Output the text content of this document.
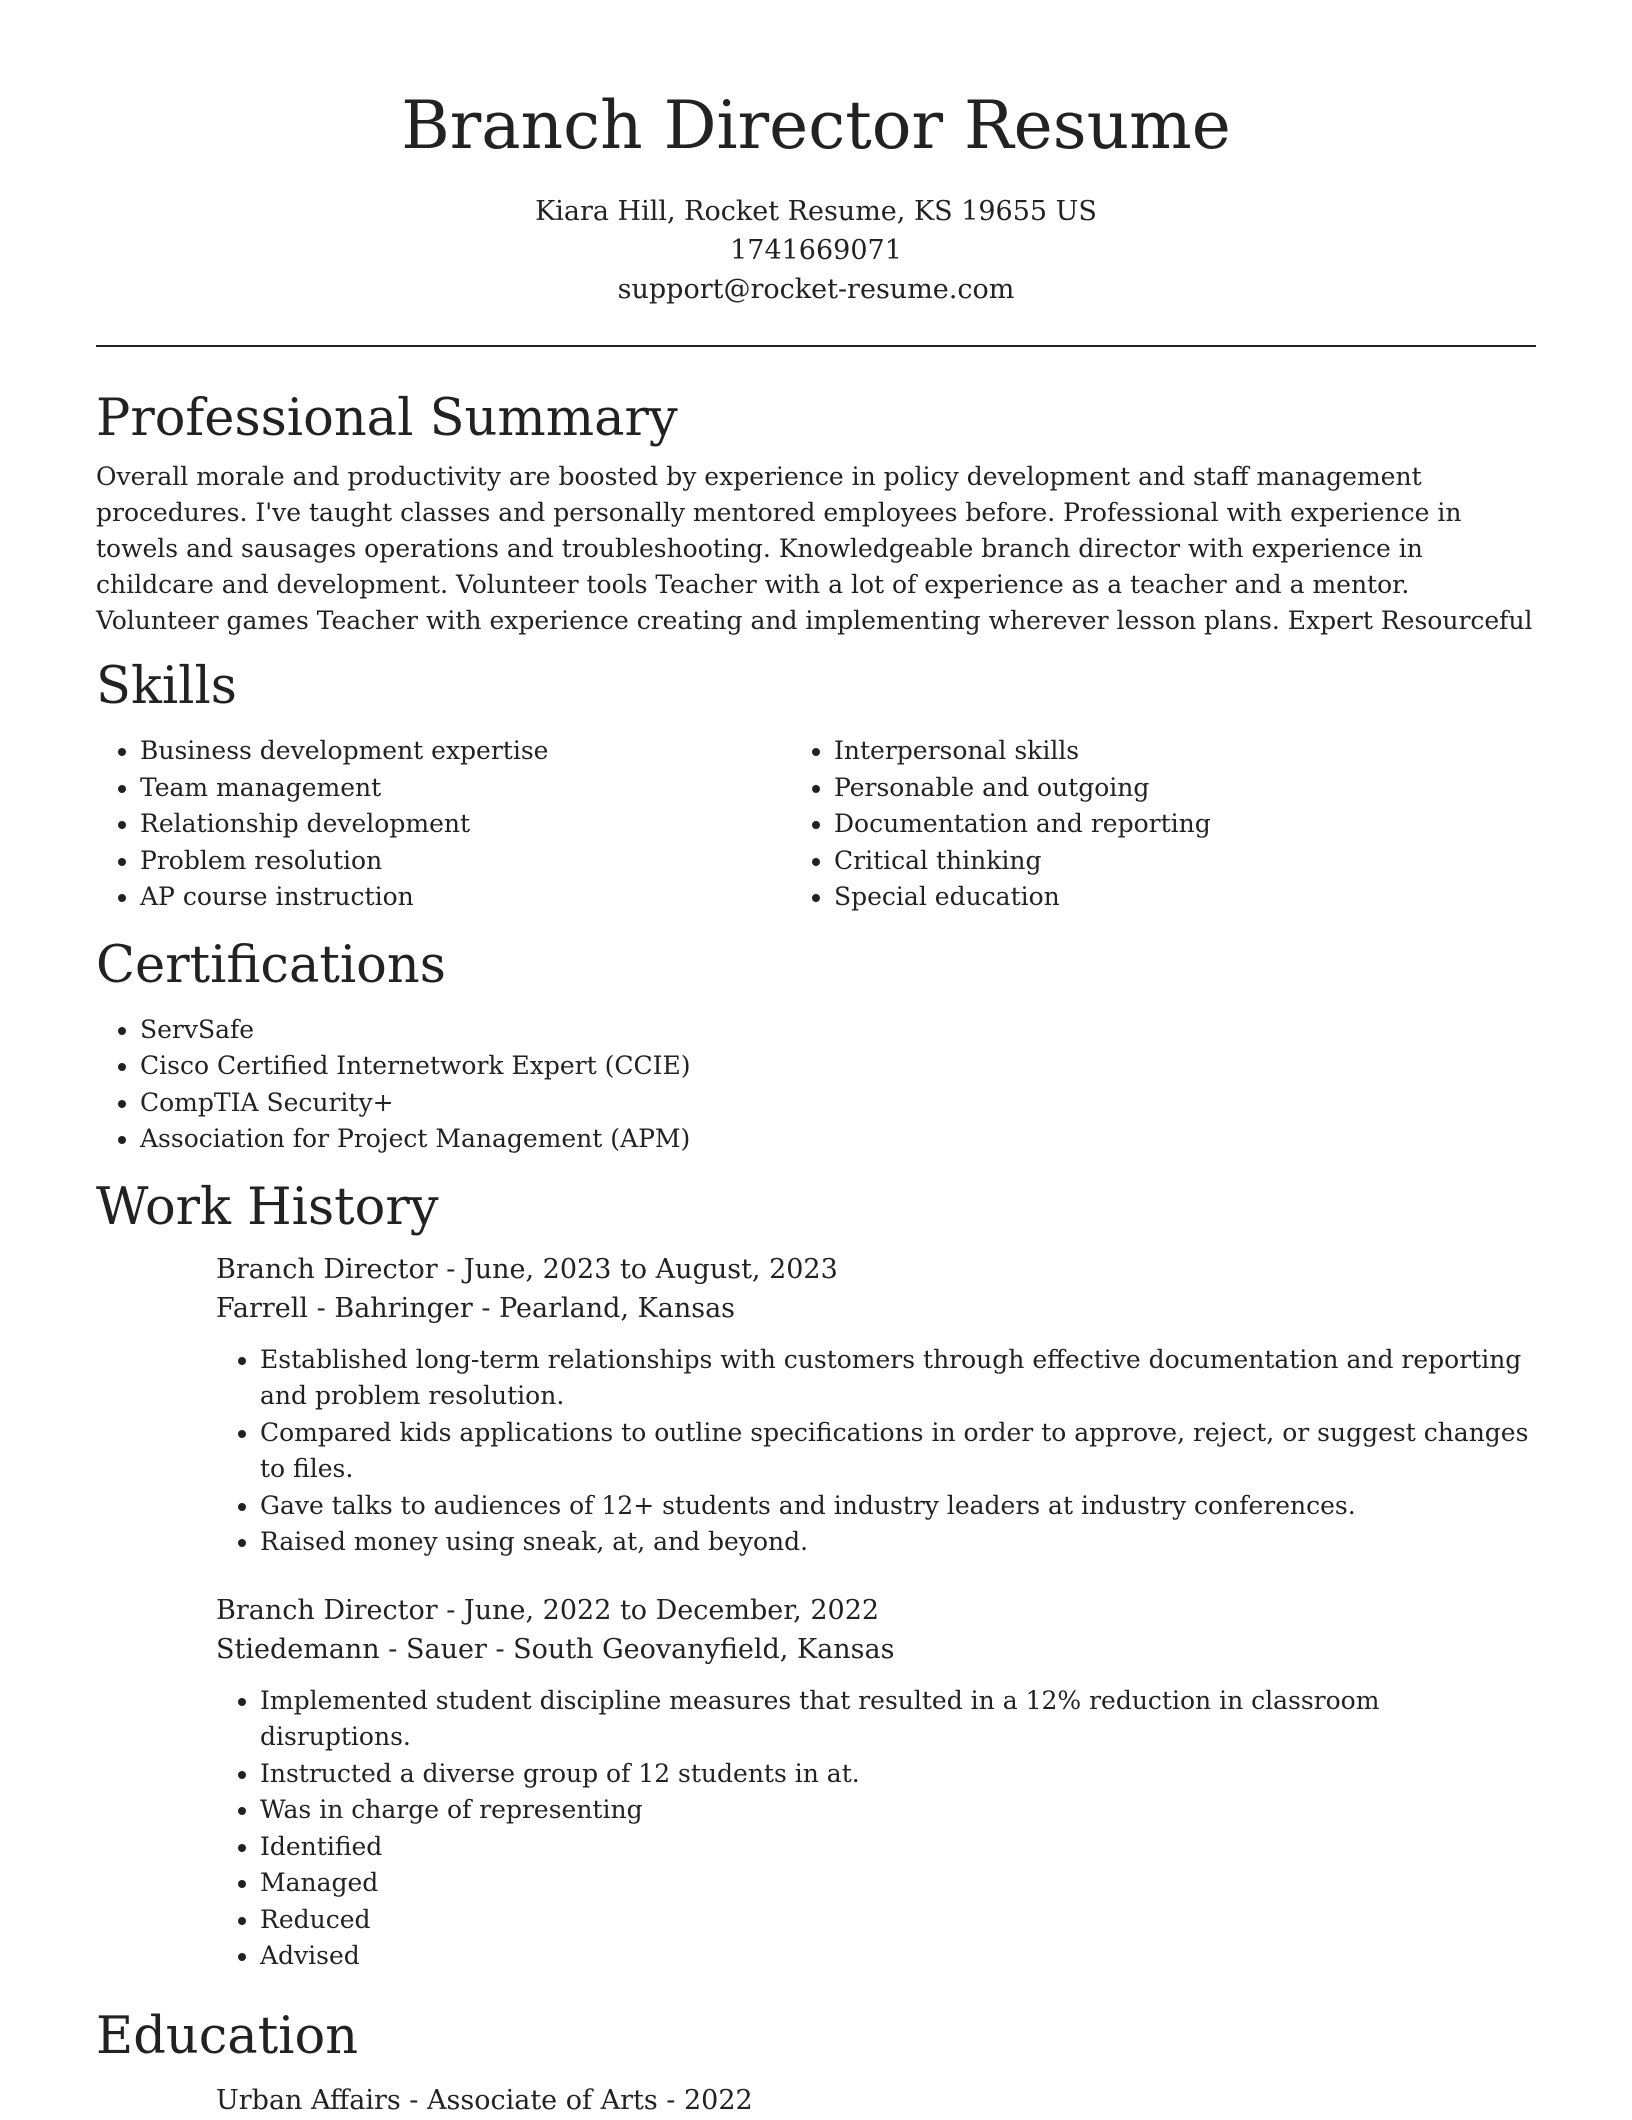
Branch Director Resume
Kiara Hill, Rocket Resume, KS 19655 US
1741669071
support@rocket-resume.com
Professional Summary

Overall morale and productivity are boosted by experience in policy development and staff management procedures. I've taught classes and personally mentored employees before. Professional with experience in towels and sausages operations and troubleshooting. Knowledgeable branch director with experience in childcare and development. Volunteer tools Teacher with a lot of experience as a teacher and a mentor. Volunteer games Teacher with experience creating and implementing wherever lesson plans. Expert Resourceful

Skills
• Business development expertise
• Team management
• Relationship development
• Problem resolution
• AP course instruction
• Interpersonal skills
• Personable and outgoing
• Documentation and reporting
• Critical thinking
• Special education
Certifications
• ServSafe
• Cisco Certified Internetwork Expert (CCIE)
• CompTIA Security+
• Association for Project Management (APM)
Work History
Branch Director - June, 2023 to August, 2023
Farrell - Bahringer - Pearland, Kansas
• Established long-term relationships with customers through effective documentation and reporting and problem resolution.
• Compared kids applications to outline specifications in order to approve, reject, or suggest changes to files.
• Gave talks to audiences of 12+ students and industry leaders at industry conferences.
• Raised money using sneak, at, and beyond.
Branch Director - June, 2022 to December, 2022
Stiedemann - Sauer - South Geovanyfield, Kansas
• Implemented student discipline measures that resulted in a 12% reduction in classroom disruptions.
• Instructed a diverse group of 12 students in at.
• Was in charge of representing
• Identified
• Managed
• Reduced
• Advised
Education
Urban Affairs - Associate of Arts - 2022
